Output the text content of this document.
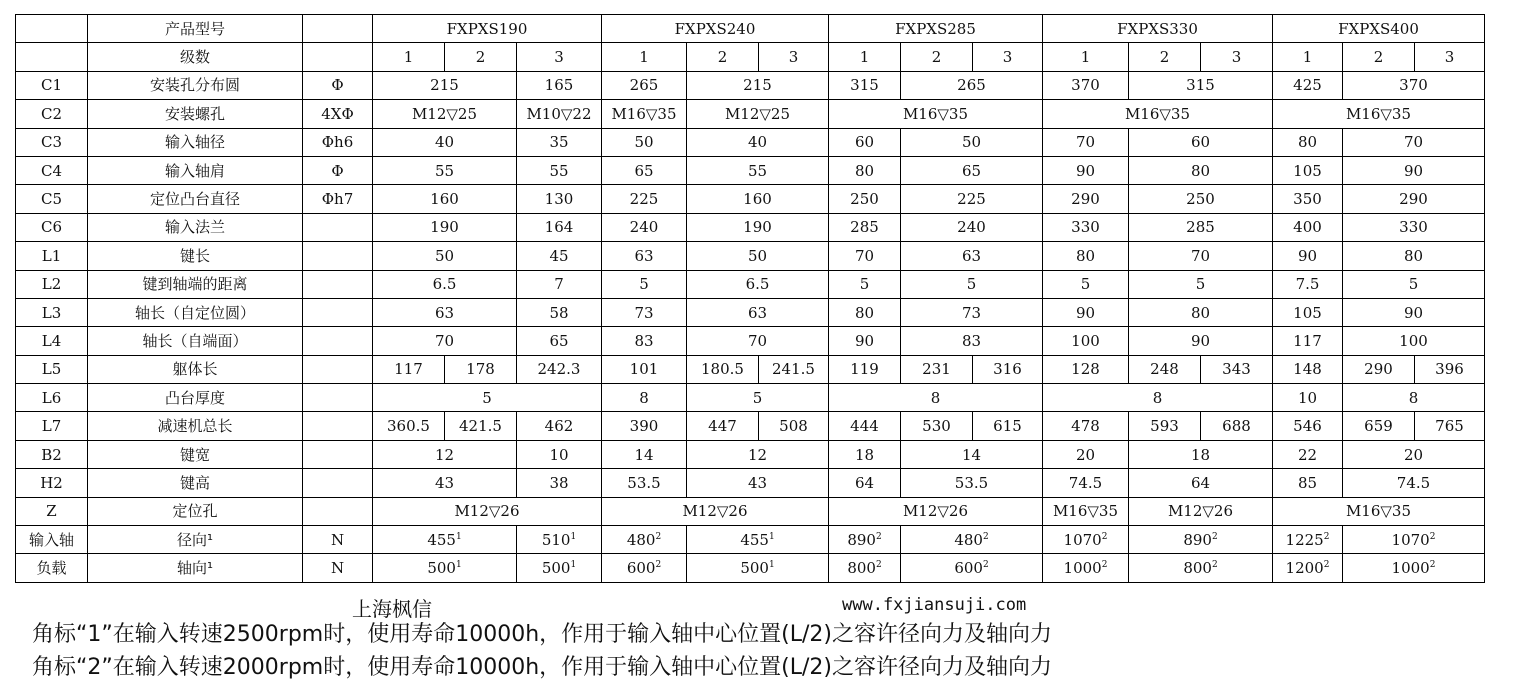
	产品型号		FXPXS190			FXPXS240			FXPXS285			FXPXS330			FXPXS400		
	级数		1	2	3	1	2	3	1	2	3	1	2	3	1	2	3
C1	安装孔分布圆	Φ	215		165	265	215		315	265		370	315		425	370	
C2	安装螺孔	4XΦ	M12▽25		M10▽22	M16▽35	M12▽25		M16▽35			M16▽35			M16▽35		
C3	输入轴径	Φh6	40		35	50	40		60	50		70	60		80	70	
C4	输入轴肩	Φ	55		55	65	55		80	65		90	80		105	90	
C5	定位凸台直径	Φh7	160		130	225	160		250	225		290	250		350	290	
C6	输入法兰		190		164	240	190		285	240		330	285		400	330	
L1	键长		50		45	63	50		70	63		80	70		90	80	
L2	键到轴端的距离		6.5		7	5	6.5		5	5		5	5		7.5	5	
L3	轴长（自定位圆）		63		58	73	63		80	73		90	80		105	90	
L4	轴长（自端面）		70		65	83	70		90	83		100	90		117	100	
L5	躯体长		117	178	242.3	101	180.5	241.5	119	231	316	128	248	343	148	290	396
L6	凸台厚度		5			8	5		8			8			10	8	
L7	减速机总长		360.5	421.5	462	390	447	508	444	530	615	478	593	688	546	659	765
B2	键宽		12		10	14	12		18	14		20	18		22	20	
H2	键高		43		38	53.5	43		64	53.5		74.5	64		85	74.5	
Z	定位孔		M12▽26			M12▽26			M12▽26			M16▽35	M12▽26		M16▽35		
输入轴	径向¹	N	$455^1$		$510^1$	$480^2$	$455^1$		$890^2$	$480^2$		1070$^2$	$890^2$		1225$^2$	1070$^2$
负载	轴向¹	N	$500^1$		$500^1$	$600^2$	$500^1$		$800^2$	$600^2$		1000$^2$	$800^2$		1200$^2$	1000$^2$
上海枫信	www.fxjiansuji.com
角标“1”在输入转速2500rpm时，使用寿命10000h，作用于输入轴中心位置(L/2)之容许径向力及轴向力
角标“2”在输入转速2000rpm时，使用寿命10000h，作用于输入轴中心位置(L/2)之容许径向力及轴向力
